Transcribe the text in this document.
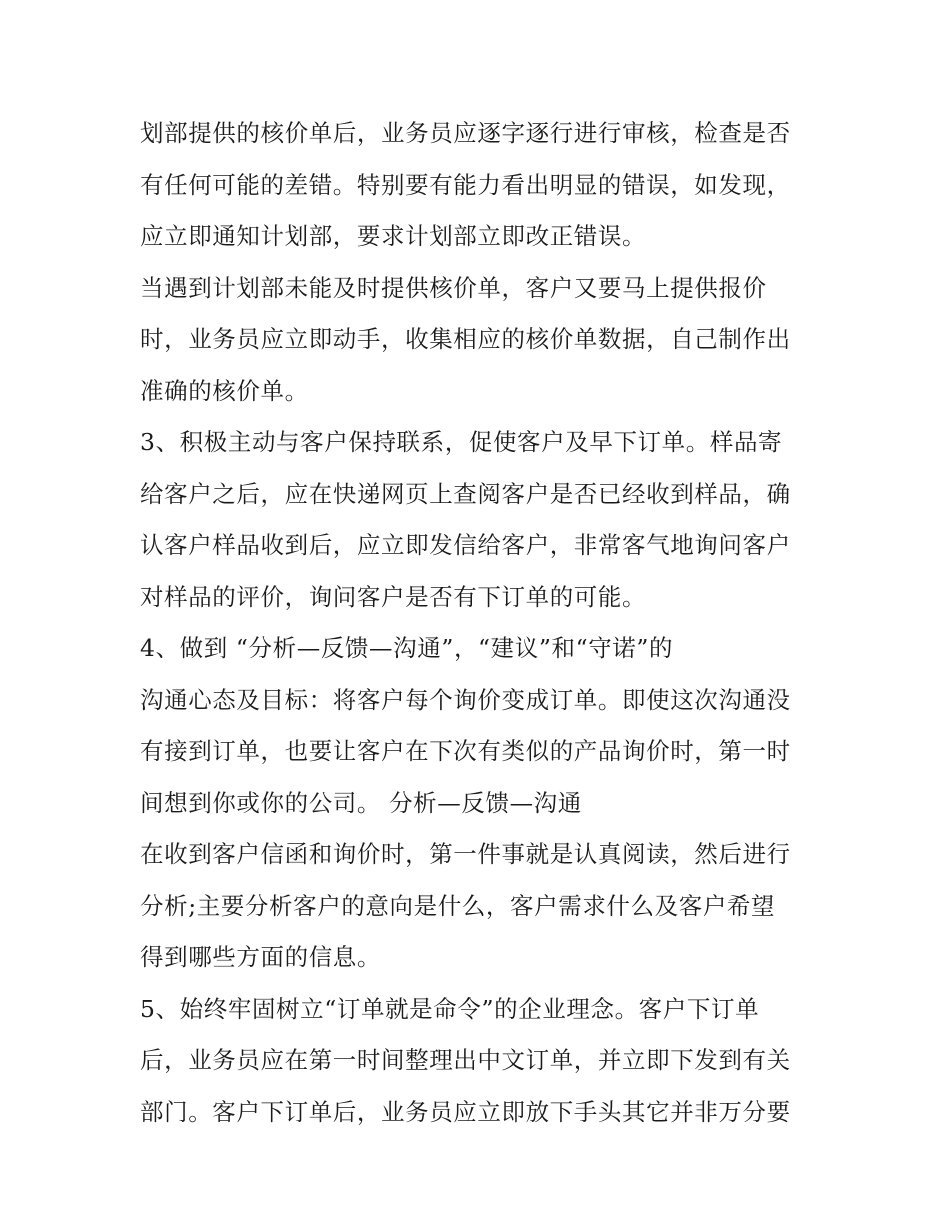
划部提供的核价单后，业务员应逐字逐行进行审核，检查是否
有任何可能的差错。特别要有能力看出明显的错误，如发现，
应立即通知计划部，要求计划部立即改正错误。
当遇到计划部未能及时提供核价单，客户又要马上提供报价
时，业务员应立即动手，收集相应的核价单数据，自己制作出
准确的核价单。
3、积极主动与客户保持联系，促使客户及早下订单。样品寄
给客户之后，应在快递网页上查阅客户是否已经收到样品，确
认客户样品收到后，应立即发信给客户，非常客气地询问客户
对样品的评价，询问客户是否有下订单的可能。
4、做到 “分析—反馈—沟通”，“建议”和“守诺”的
沟通心态及目标：将客户每个询价变成订单。即使这次沟通没
有接到订单，也要让客户在下次有类似的产品询价时，第一时
间想到你或你的公司。 分析—反馈—沟通
在收到客户信函和询价时，第一件事就是认真阅读，然后进行
分析;主要分析客户的意向是什么，客户需求什么及客户希望
得到哪些方面的信息。
5、始终牢固树立“订单就是命令”的企业理念。客户下订单
后，业务员应在第一时间整理出中文订单，并立即下发到有关
部门。客户下订单后，业务员应立即放下手头其它并非万分要
